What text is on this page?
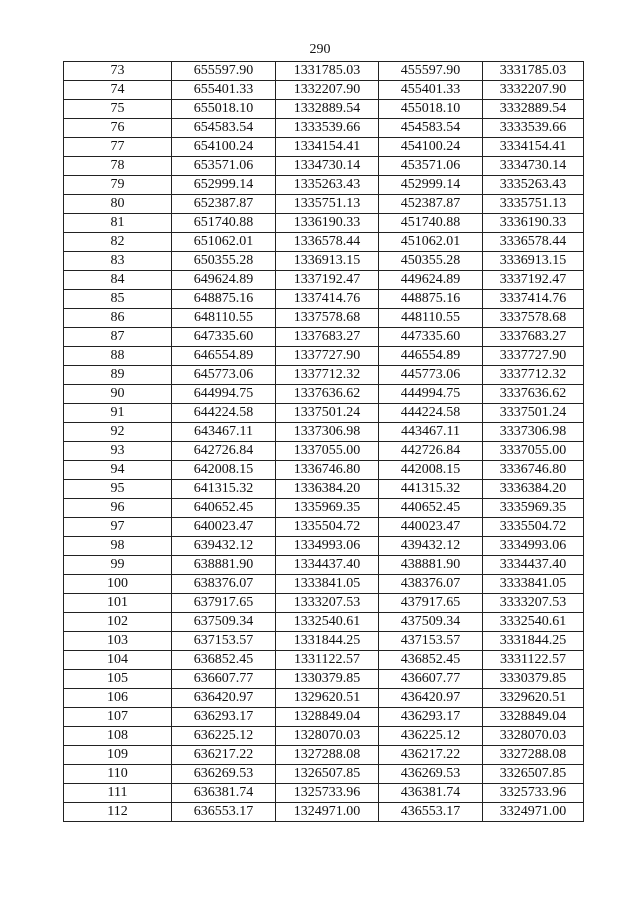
290
73	655597.90	1331785.03	455597.90	3331785.03
74	655401.33	1332207.90	455401.33	3332207.90
75	655018.10	1332889.54	455018.10	3332889.54
76	654583.54	1333539.66	454583.54	3333539.66
77	654100.24	1334154.41	454100.24	3334154.41
78	653571.06	1334730.14	453571.06	3334730.14
79	652999.14	1335263.43	452999.14	3335263.43
80	652387.87	1335751.13	452387.87	3335751.13
81	651740.88	1336190.33	451740.88	3336190.33
82	651062.01	1336578.44	451062.01	3336578.44
83	650355.28	1336913.15	450355.28	3336913.15
84	649624.89	1337192.47	449624.89	3337192.47
85	648875.16	1337414.76	448875.16	3337414.76
86	648110.55	1337578.68	448110.55	3337578.68
87	647335.60	1337683.27	447335.60	3337683.27
88	646554.89	1337727.90	446554.89	3337727.90
89	645773.06	1337712.32	445773.06	3337712.32
90	644994.75	1337636.62	444994.75	3337636.62
91	644224.58	1337501.24	444224.58	3337501.24
92	643467.11	1337306.98	443467.11	3337306.98
93	642726.84	1337055.00	442726.84	3337055.00
94	642008.15	1336746.80	442008.15	3336746.80
95	641315.32	1336384.20	441315.32	3336384.20
96	640652.45	1335969.35	440652.45	3335969.35
97	640023.47	1335504.72	440023.47	3335504.72
98	639432.12	1334993.06	439432.12	3334993.06
99	638881.90	1334437.40	438881.90	3334437.40
100	638376.07	1333841.05	438376.07	3333841.05
101	637917.65	1333207.53	437917.65	3333207.53
102	637509.34	1332540.61	437509.34	3332540.61
103	637153.57	1331844.25	437153.57	3331844.25
104	636852.45	1331122.57	436852.45	3331122.57
105	636607.77	1330379.85	436607.77	3330379.85
106	636420.97	1329620.51	436420.97	3329620.51
107	636293.17	1328849.04	436293.17	3328849.04
108	636225.12	1328070.03	436225.12	3328070.03
109	636217.22	1327288.08	436217.22	3327288.08
110	636269.53	1326507.85	436269.53	3326507.85
111	636381.74	1325733.96	436381.74	3325733.96
112	636553.17	1324971.00	436553.17	3324971.00
